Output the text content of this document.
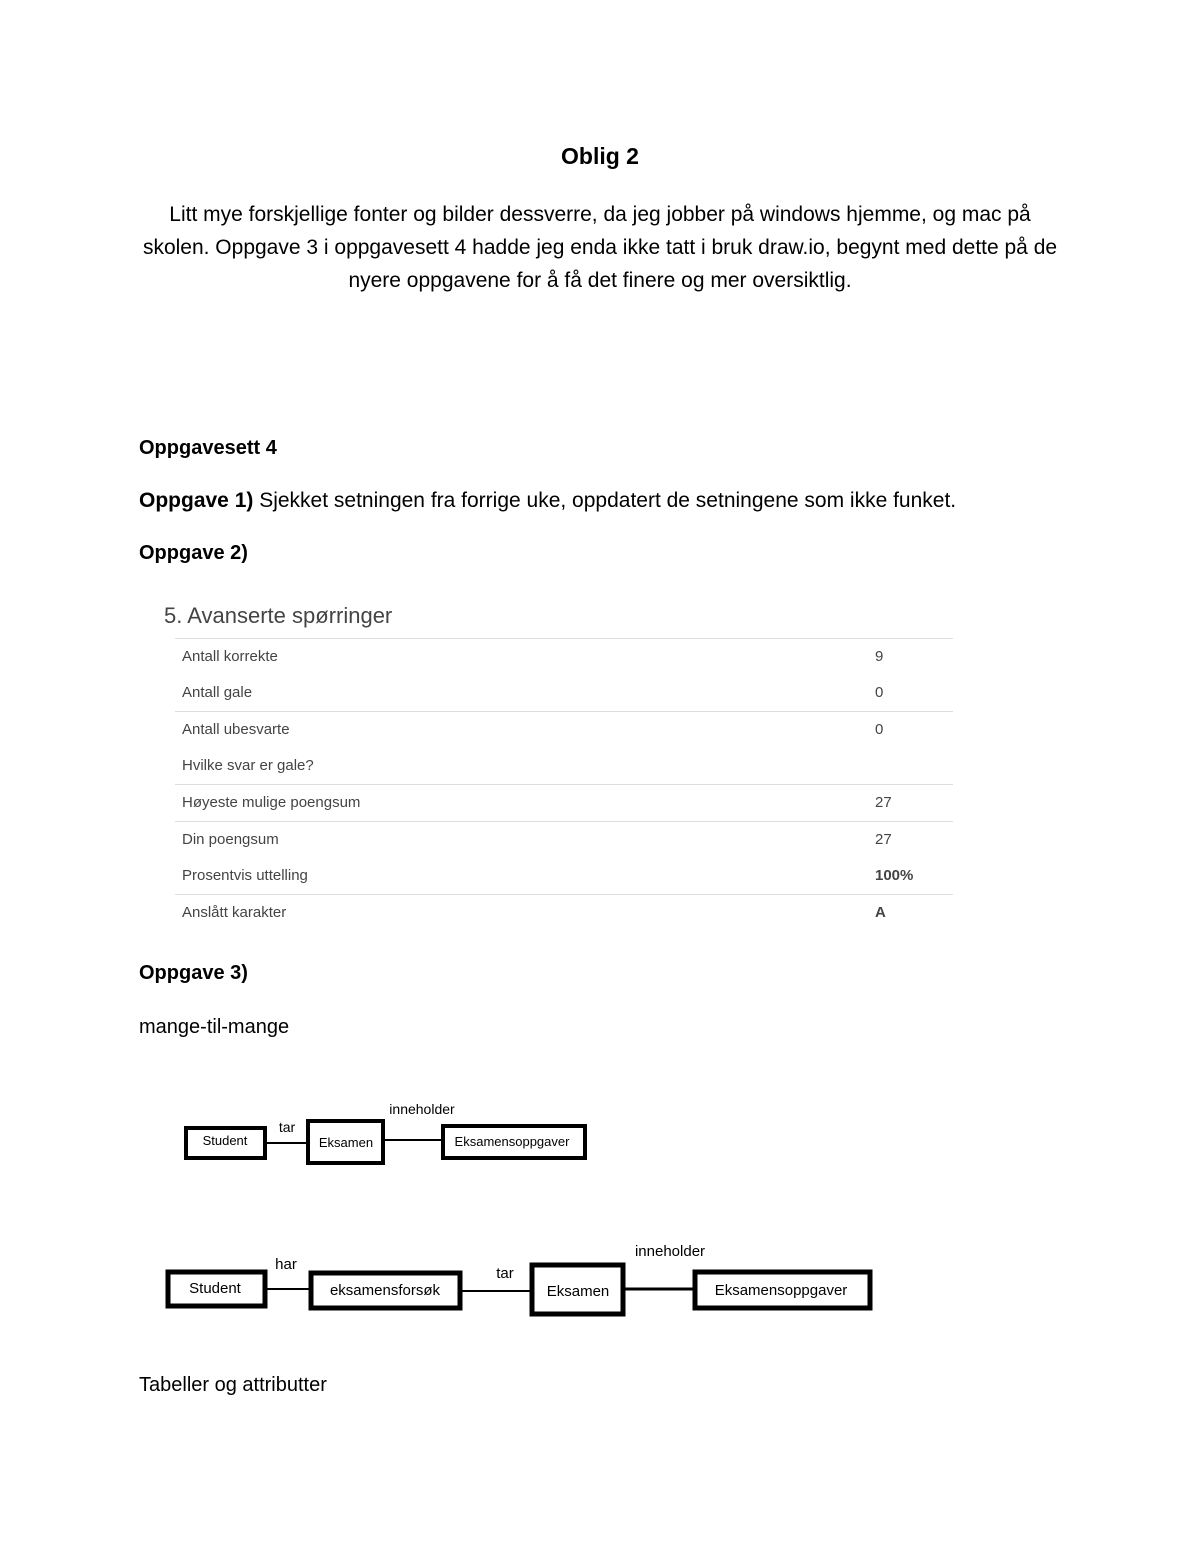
Oblig 2
Litt mye forskjellige fonter og bilder dessverre, da jeg jobber på windows hjemme, og mac på skolen. Oppgave 3 i oppgavesett 4 hadde jeg enda ikke tatt i bruk draw.io, begynt med dette på de nyere oppgavene for å få det finere og mer oversiktlig.
Oppgavesett 4
Oppgave 1) Sjekket setningen fra forrige uke, oppdatert de setningene som ikke funket.
Oppgave 2)
5. Avanserte spørringer
Antall korrekte	9
Antall gale	0
Antall ubesvarte	0
Hvilke svar er gale?
Høyeste mulige poengsum	27
Din poengsum	27
Prosentvis uttelling	100%
Anslått karakter	A
Oppgave 3)
mange-til-mange
Student	Eksamen	Eksamensoppgaver
tar
inneholder
Student	eksamensforsøk	Eksamen	Eksamensoppgaver
har
tar
inneholder
Tabeller og attributter
